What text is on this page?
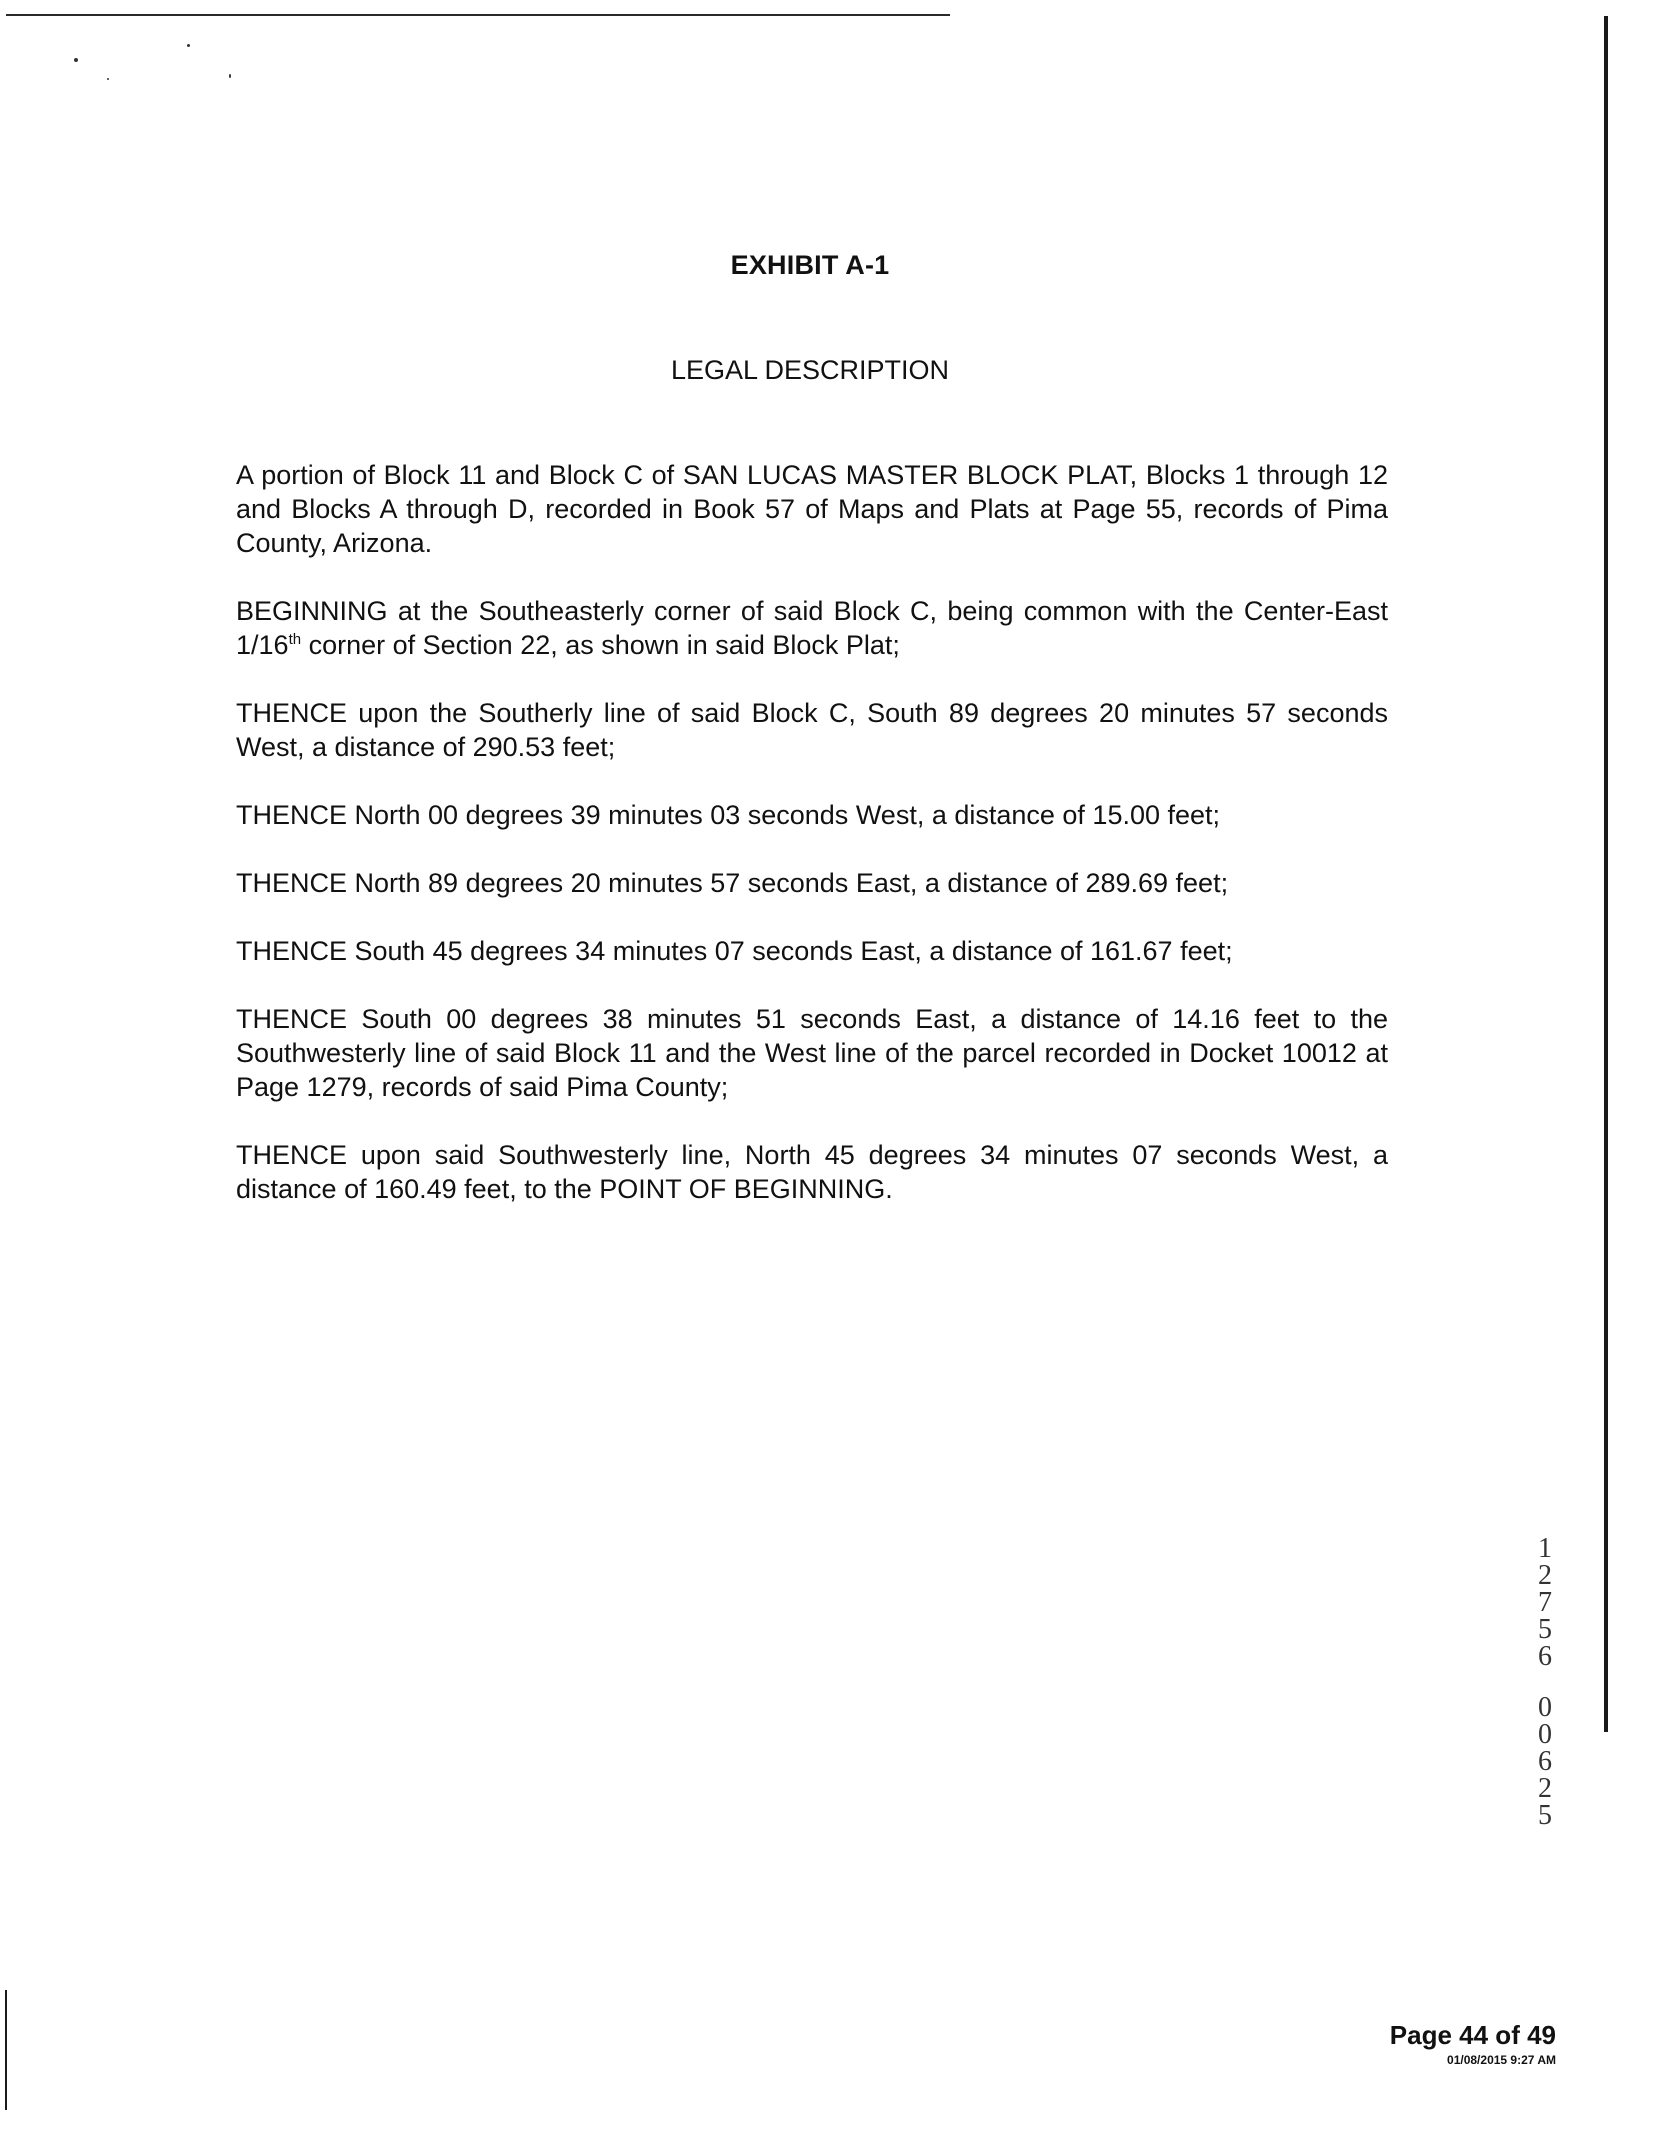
EXHIBIT A-1
LEGAL DESCRIPTION

A portion of Block 11 and Block C of SAN LUCAS MASTER BLOCK PLAT, Blocks 1 through 12 and Blocks A through D, recorded in Book 57 of Maps and Plats at Page 55, records of Pima County, Arizona.

BEGINNING at the Southeasterly corner of said Block C, being common with the Center-East 1/16th corner of Section 22, as shown in said Block Plat;

THENCE upon the Southerly line of said Block C, South 89 degrees 20 minutes 57 seconds West, a distance of 290.53 feet;

THENCE North 00 degrees 39 minutes 03 seconds West, a distance of 15.00 feet;

THENCE North 89 degrees 20 minutes 57 seconds East, a distance of 289.69 feet;

THENCE South 45 degrees 34 minutes 07 seconds East, a distance of 161.67 feet;

THENCE South 00 degrees 38 minutes 51 seconds East, a distance of 14.16 feet to the Southwesterly line of said Block 11 and the West line of the parcel recorded in Docket 10012 at Page 1279, records of said Pima County;

THENCE upon said Southwesterly line, North 45 degrees 34 minutes 07 seconds West, a distance of 160.49 feet, to the POINT OF BEGINNING.

1
2
7
5
6
0
0
6
2
5
Page 44 of 49
01/08/2015 9:27 AM
